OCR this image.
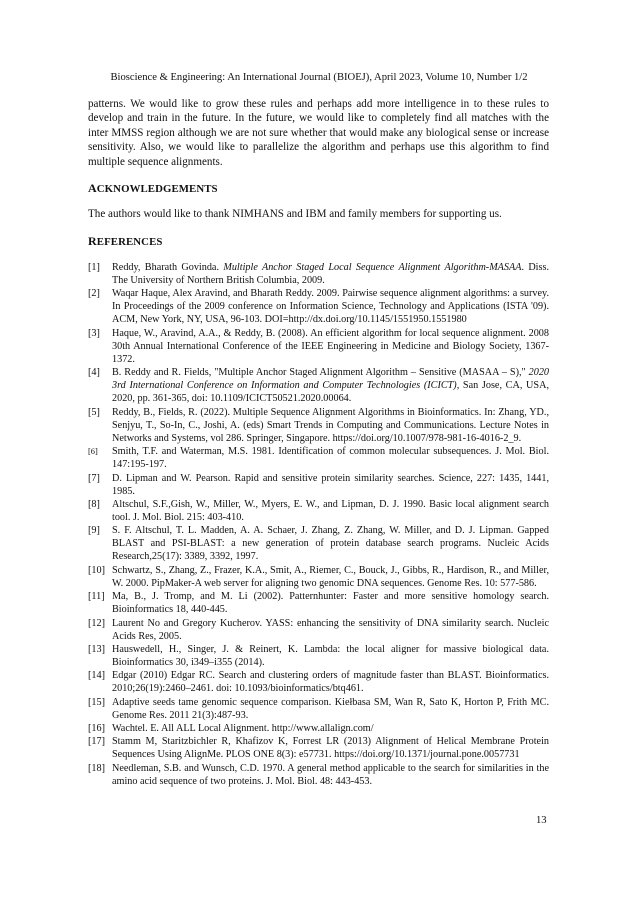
Bioscience & Engineering: An International Journal (BIOEJ), April 2023, Volume 10, Number 1/2

patterns. We would like to grow these rules and perhaps add more intelligence in to these rules to develop and train in the future. In the future, we would like to completely find all matches with the inter MMSS region although we are not sure whether that would make any biological sense or increase sensitivity. Also, we would like to parallelize the algorithm and perhaps use this algorithm to find multiple sequence alignments.

ACKNOWLEDGEMENTS

The authors would like to thank NIMHANS and IBM and family members for supporting us.

REFERENCES
[1]	Reddy, Bharath Govinda. Multiple Anchor Staged Local Sequence Alignment Algorithm-MASAA. Diss. The University of Northern British Columbia, 2009.
[2]	Waqar Haque, Alex Aravind, and Bharath Reddy. 2009. Pairwise sequence alignment algorithms: a survey. In Proceedings of the 2009 conference on Information Science, Technology and Applications (ISTA '09). ACM, New York, NY, USA, 96-103. DOI=http://dx.doi.org/10.1145/1551950.1551980
[3]	Haque, W., Aravind, A.A., & Reddy, B. (2008). An efficient algorithm for local sequence alignment. 2008 30th Annual International Conference of the IEEE Engineering in Medicine and Biology Society, 1367-1372.
[4]	B. Reddy and R. Fields, "Multiple Anchor Staged Alignment Algorithm – Sensitive (MASAA – S)," 2020 3rd International Conference on Information and Computer Technologies (ICICT), San Jose, CA, USA, 2020, pp. 361-365, doi: 10.1109/ICICT50521.2020.00064.
[5]	Reddy, B., Fields, R. (2022). Multiple Sequence Alignment Algorithms in Bioinformatics. In: Zhang, YD., Senjyu, T., So-In, C., Joshi, A. (eds) Smart Trends in Computing and Communications. Lecture Notes in Networks and Systems, vol 286. Springer, Singapore. https://doi.org/10.1007/978-981-16-4016-2_9.
[6]	Smith, T.F. and Waterman, M.S. 1981. Identification of common molecular subsequences. J. Mol. Biol. 147:195-197.
[7]	D. Lipman and W. Pearson. Rapid and sensitive protein similarity searches. Science, 227: 1435, 1441, 1985.
[8]	Altschul, S.F.,Gish, W., Miller, W., Myers, E. W., and Lipman, D. J. 1990. Basic local alignment search tool. J. Mol. Biol. 215: 403-410.
[9]	S. F. Altschul, T. L. Madden, A. A. Schaer, J. Zhang, Z. Zhang, W. Miller, and D. J. Lipman. Gapped BLAST and PSI-BLAST: a new generation of protein database search programs. Nucleic Acids Research,25(17): 3389, 3392, 1997.
[10] Schwartz, S., Zhang, Z., Frazer, K.A., Smit, A., Riemer, C., Bouck, J., Gibbs, R., Hardison, R., and Miller, W. 2000. PipMaker-A web server for aligning two genomic DNA sequences. Genome Res. 10: 577-586.
[11] Ma, B., J. Tromp, and M. Li (2002). Patternhunter: Faster and more sensitive homology search. Bioinformatics 18, 440-445.
[12] Laurent No and Gregory Kucherov. YASS: enhancing the sensitivity of DNA similarity search. Nucleic Acids Res, 2005.
[13] Hauswedell, H., Singer, J. & Reinert, K. Lambda: the local aligner for massive biological data. Bioinformatics 30, i349–i355 (2014).
[14] Edgar (2010) Edgar RC. Search and clustering orders of magnitude faster than BLAST. Bioinformatics. 2010;26(19):2460–2461. doi: 10.1093/bioinformatics/btq461.
[15] Adaptive seeds tame genomic sequence comparison. Kiełbasa SM, Wan R, Sato K, Horton P, Frith MC. Genome Res. 2011 21(3):487-93.
[16] Wachtel. E. All ALL Local Alignment. http://www.allalign.com/
[17] Stamm M, Staritzbichler R, Khafizov K, Forrest LR (2013) Alignment of Helical Membrane Protein Sequences Using AlignMe. PLOS ONE 8(3): e57731. https://doi.org/10.1371/journal.pone.0057731
[18] Needleman, S.B. and Wunsch, C.D. 1970. A general method applicable to the search for similarities in the amino acid sequence of two proteins. J. Mol. Biol. 48: 443-453.
13
